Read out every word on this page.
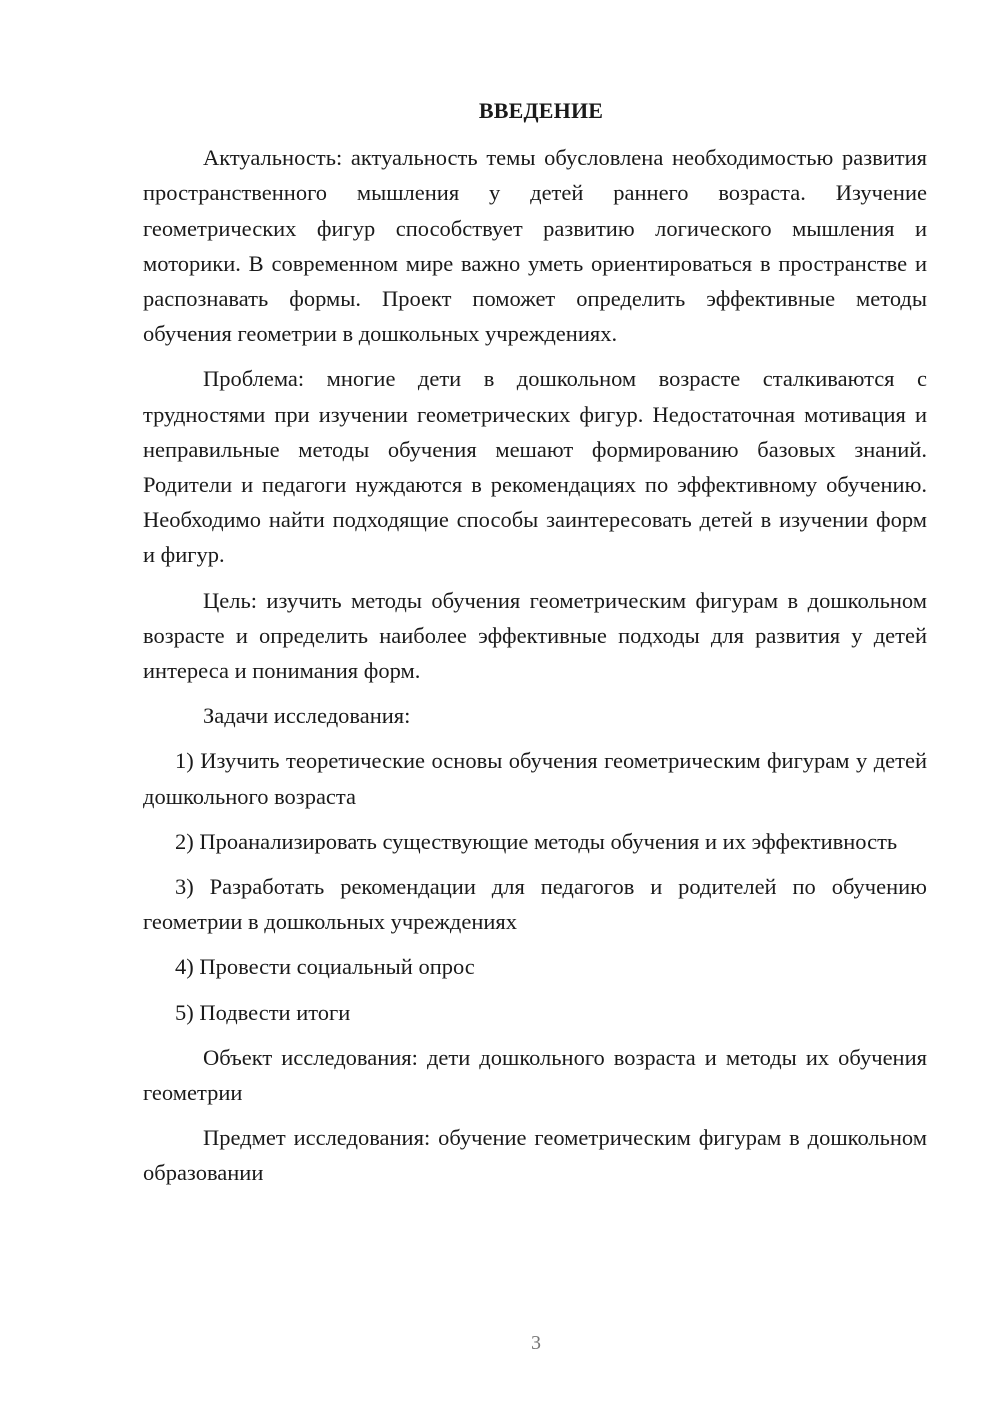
ВВЕДЕНИЕ

Актуальность: актуальность темы обусловлена необходимостью развития пространственного мышления у детей раннего возраста. Изучение геометрических фигур способствует развитию логического мышления и моторики. В современном мире важно уметь ориентироваться в пространстве и распознавать формы. Проект поможет определить эффективные методы обучения геометрии в дошкольных учреждениях.

Проблема: многие дети в дошкольном возрасте сталкиваются с трудностями при изучении геометрических фигур. Недостаточная мотивация и неправильные методы обучения мешают формированию базовых знаний. Родители и педагоги нуждаются в рекомендациях по эффективному обучению. Необходимо найти подходящие способы заинтересовать детей в изучении форм и фигур.

Цель: изучить методы обучения геометрическим фигурам в дошкольном возрасте и определить наиболее эффективные подходы для развития у детей интереса и понимания форм.

Задачи исследования:

1) Изучить теоретические основы обучения геометрическим фигурам у детей дошкольного возраста

2) Проанализировать существующие методы обучения и их эффективность

3) Разработать рекомендации для педагогов и родителей по обучению геометрии в дошкольных учреждениях

4) Провести социальный опрос

5) Подвести итоги

Объект исследования: дети дошкольного возраста и методы их обучения геометрии

Предмет исследования: обучение геометрическим фигурам в дошкольном образовании

3
